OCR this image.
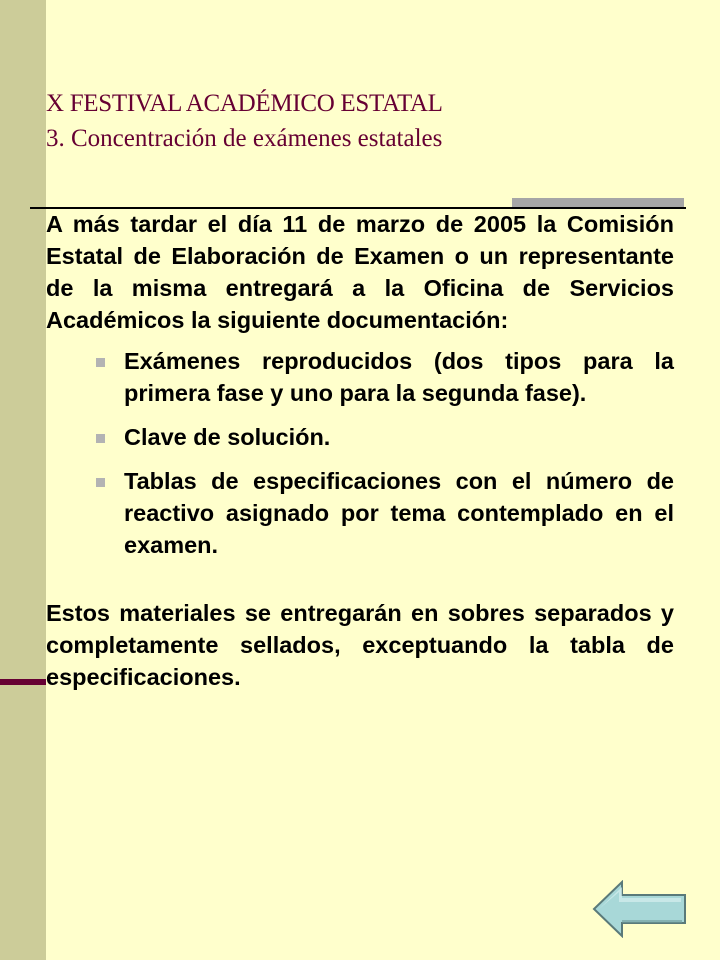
X FESTIVAL ACADÉMICO ESTATAL
3. Concentración de exámenes estatales

A más tardar el día 11 de marzo de 2005 la Comisión Estatal de Elaboración de Examen o un representante de la misma entregará a la Oficina de Servicios Académicos la siguiente documentación:

Exámenes reproducidos (dos tipos para la primera fase y uno para la segunda fase).
Clave de solución.
Tablas de especificaciones con el número de reactivo asignado por tema contemplado en el examen.

Estos materiales se entregarán en sobres separados y completamente sellados, exceptuando la tabla de especificaciones.
